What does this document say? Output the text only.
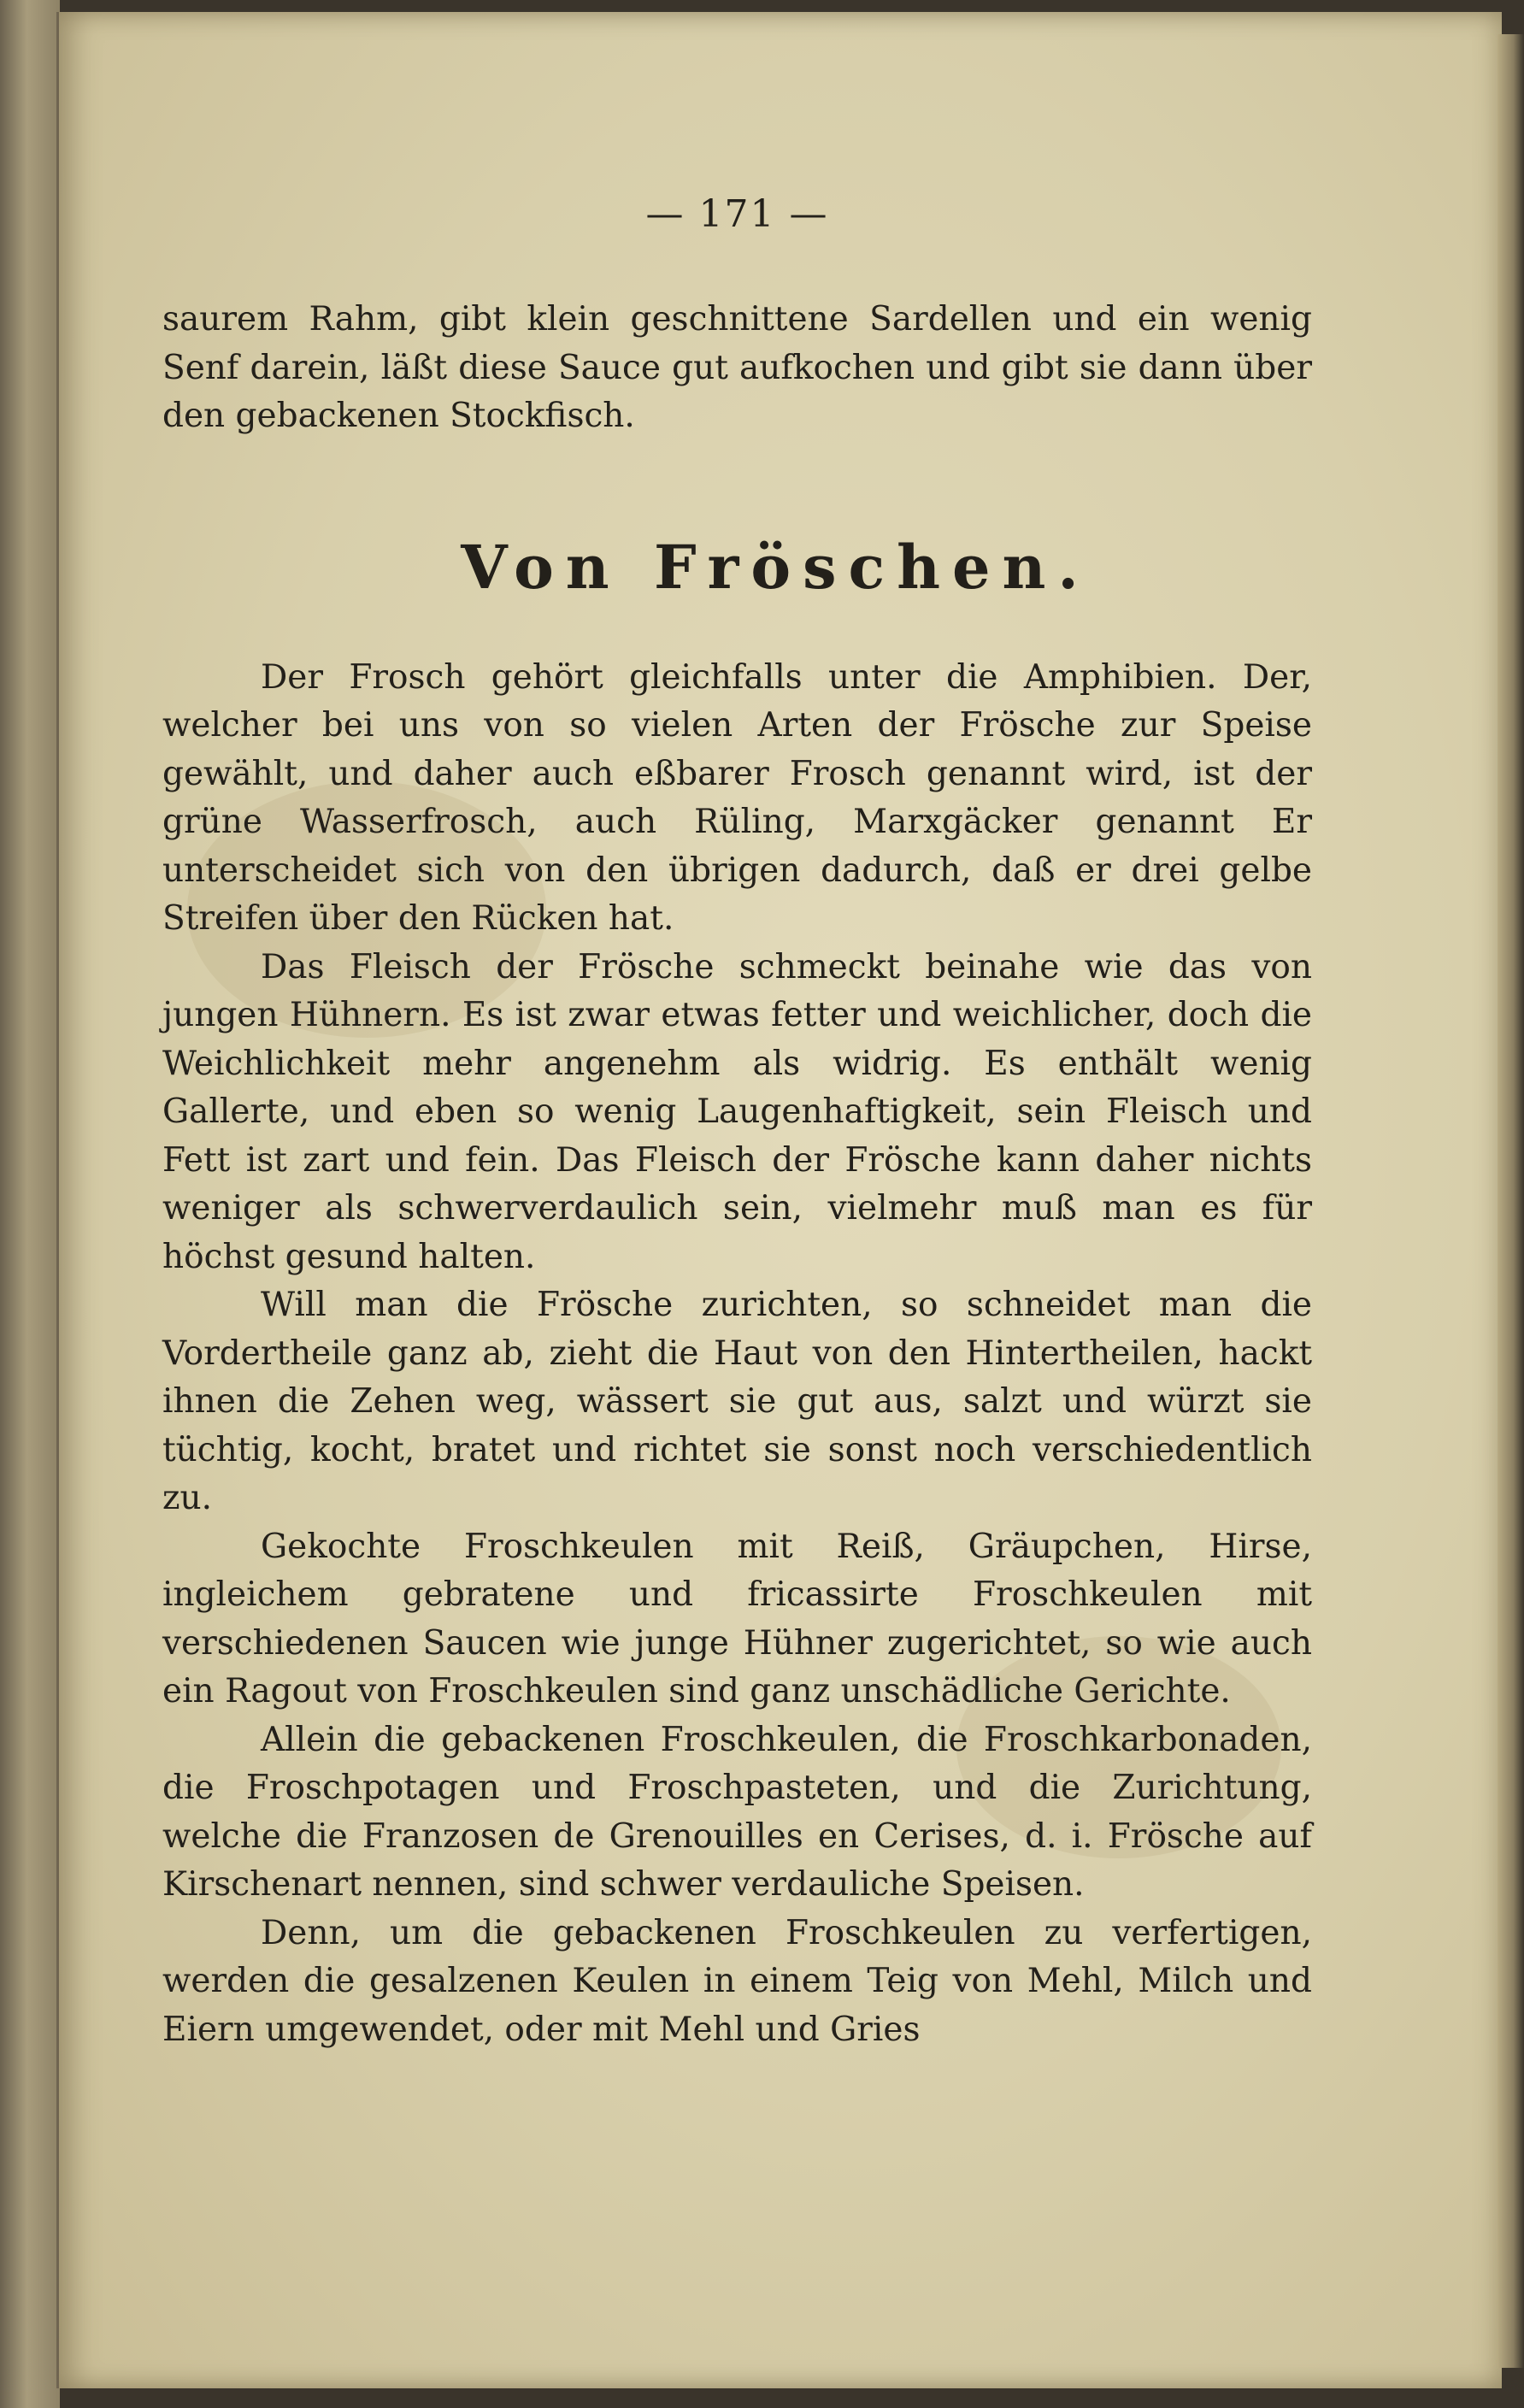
— 171 —

saurem Rahm, gibt klein geschnittene Sardellen und ein wenig Senf darein, läßt diese Sauce gut aufkochen und gibt sie dann über den gebackenen Stockfisch.

Von Fröschen.

Der Frosch gehört gleichfalls unter die Amphibien. Der, welcher bei uns von so vielen Arten der Frösche zur Speise gewählt, und daher auch eßbarer Frosch genannt wird, ist der grüne Wasserfrosch, auch Rüling, Marxgäcker genannt Er unterscheidet sich von den übrigen dadurch, daß er drei gelbe Streifen über den Rücken hat.

Das Fleisch der Frösche schmeckt beinahe wie das von jungen Hühnern. Es ist zwar etwas fetter und weichlicher, doch die Weichlichkeit mehr angenehm als widrig. Es enthält wenig Gallerte, und eben so wenig Laugenhaftigkeit, sein Fleisch und Fett ist zart und fein. Das Fleisch der Frösche kann daher nichts weniger als schwerverdaulich sein, vielmehr muß man es für höchst gesund halten.

Will man die Frösche zurichten, so schneidet man die Vordertheile ganz ab, zieht die Haut von den Hintertheilen, hackt ihnen die Zehen weg, wässert sie gut aus, salzt und würzt sie tüchtig, kocht, bratet und richtet sie sonst noch verschiedentlich zu.

Gekochte Froschkeulen mit Reiß, Gräupchen, Hirse, ingleichem gebratene und fricassirte Froschkeulen mit verschiedenen Saucen wie junge Hühner zugerichtet, so wie auch ein Ragout von Froschkeulen sind ganz unschädliche Gerichte.

Allein die gebackenen Froschkeulen, die Froschkarbonaden, die Froschpotagen und Froschpasteten, und die Zurichtung, welche die Franzosen de Grenouilles en Cerises, d. i. Frösche auf Kirschenart nennen, sind schwer verdauliche Speisen.

Denn, um die gebackenen Froschkeulen zu verfertigen, werden die gesalzenen Keulen in einem Teig von Mehl, Milch und Eiern umgewendet, oder mit Mehl und Gries
